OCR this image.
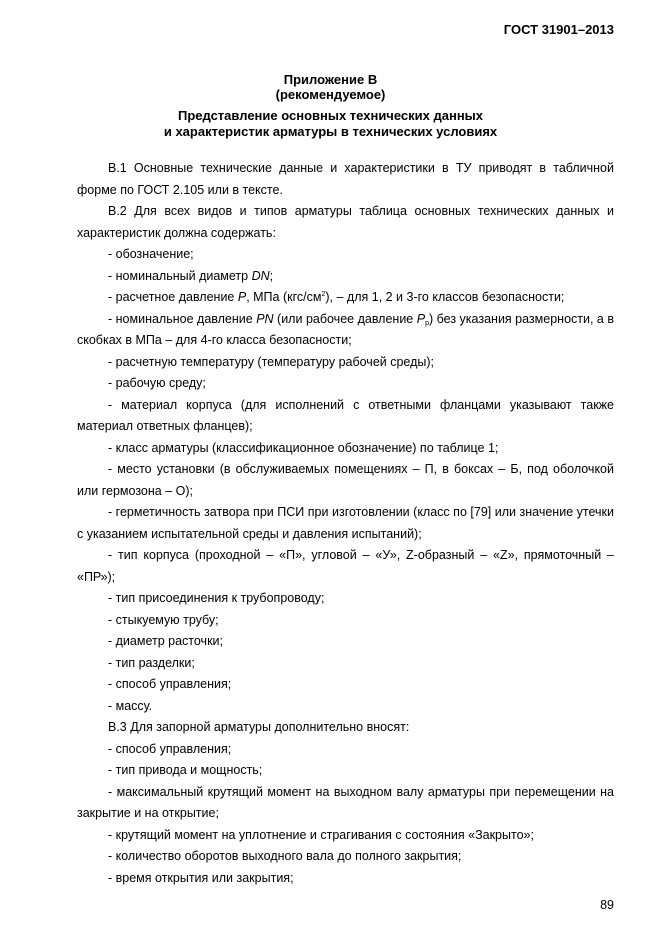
ГОСТ 31901–2013
Приложение В
(рекомендуемое)
Представление основных технических данных
и характеристик арматуры в технических условиях

В.1 Основные технические данные и характеристики в ТУ приводят в табличной форме по ГОСТ 2.105 или в тексте.

В.2 Для всех видов и типов арматуры таблица основных технических данных и характеристик должна содержать:

- обозначение;

- номинальный диаметр DN;

- расчетное давление P, МПа $(кгс/см^2)$, – для 1, 2 и 3-го классов безопасности;

- номинальное давление PN (или рабочее давление $P_р$) без указания размерности, а в скобках в МПа – для 4-го класса безопасности;

- расчетную температуру (температуру рабочей среды);

- рабочую среду;

- материал корпуса (для исполнений с ответными фланцами указывают также материал ответных фланцев);

- класс арматуры (классификационное обозначение) по таблице 1;

- место установки (в обслуживаемых помещениях – П, в боксах – Б, под оболочкой или гермозона – О);

- герметичность затвора при ПСИ при изготовлении (класс по [79] или значение утечки с указанием испытательной среды и давления испытаний);

- тип корпуса (проходной – «П», угловой – «У», Z-образный – «Z», прямоточный – «ПР»);

- тип присоединения к трубопроводу;

- стыкуемую трубу;

- диаметр расточки;

- тип разделки;

- способ управления;

- массу.

В.3 Для запорной арматуры дополнительно вносят:

- способ управления;

- тип привода и мощность;

- максимальный крутящий момент на выходном валу арматуры при перемещении на закрытие и на открытие;

- крутящий момент на уплотнение и страгивания с состояния «Закрыто»;

- количество оборотов выходного вала до полного закрытия;

- время открытия или закрытия;

89
